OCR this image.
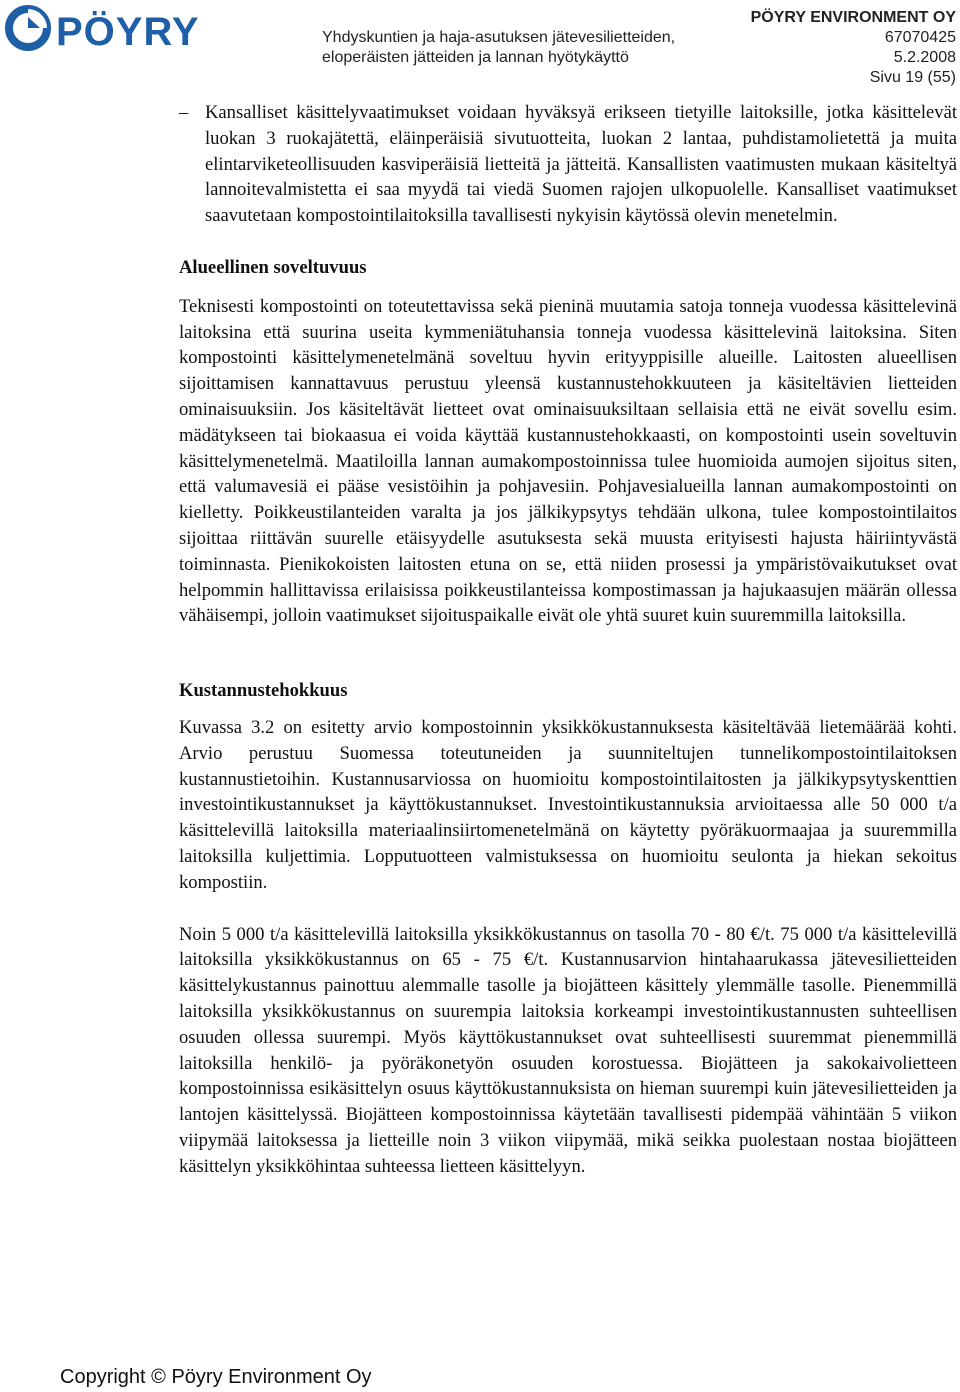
PÖYRY	Yhdyskuntien ja haja-asutuksen jätevesilietteiden,
eloperäisten jätteiden ja lannan hyötykäyttö
PÖYRY ENVIRONMENT OY
67070425
5.2.2008
Sivu 19 (55)
– Kansalliset käsittelyvaatimukset voidaan hyväksyä erikseen tietyille laitoksille, jotka käsittelevät luokan 3 ruokajätettä, eläinperäisiä sivutuotteita, luokan 2 lantaa, puhdistamolietettä ja muita elintarviketeollisuuden kasviperäisiä lietteitä ja jätteitä. Kansallisten vaatimusten mukaan käsiteltyä lannoitevalmistetta ei saa myydä tai viedä Suomen rajojen ulkopuolelle. Kansalliset vaatimukset saavutetaan kompostointilaitoksilla tavallisesti nykyisin käytössä olevin menetelmin.

Alueellinen soveltuvuus

Teknisesti kompostointi on toteutettavissa sekä pieninä muutamia satoja tonneja vuodessa käsittelevinä laitoksina että suurina useita kymmeniätuhansia tonneja vuodessa käsittelevinä laitoksina. Siten kompostointi käsittelymenetelmänä soveltuu hyvin erityyppisille alueille. Laitosten alueellisen sijoittamisen kannattavuus perustuu yleensä kustannustehokkuuteen ja käsiteltävien lietteiden ominaisuuksiin. Jos käsiteltävät lietteet ovat ominaisuuksiltaan sellaisia että ne eivät sovellu esim. mädätykseen tai biokaasua ei voida käyttää kustannustehokkaasti, on kompostointi usein soveltuvin käsittelymenetelmä. Maatiloilla lannan aumakompostoinnissa tulee huomioida aumojen sijoitus siten, että valumavesiä ei pääse vesistöihin ja pohjavesiin. Pohjavesialueilla lannan aumakompostointi on kielletty. Poikkeustilanteiden varalta ja jos jälkikypsytys tehdään ulkona, tulee kompostointilaitos sijoittaa riittävän suurelle etäisyydelle asutuksesta sekä muusta erityisesti hajusta häiriintyvästä toiminnasta. Pienikokoisten laitosten etuna on se, että niiden prosessi ja ympäristövaikutukset ovat helpommin hallittavissa erilaisissa poikkeustilanteissa kompostimassan ja hajukaasujen määrän ollessa vähäisempi, jolloin vaatimukset sijoituspaikalle eivät ole yhtä suuret kuin suuremmilla laitoksilla.

Kustannustehokkuus

Kuvassa 3.2 on esitetty arvio kompostoinnin yksikkökustannuksesta käsiteltävää lietemäärää kohti. Arvio perustuu Suomessa toteutuneiden ja suunniteltujen tunnelikompostointilaitoksen kustannustietoihin. Kustannusarviossa on huomioitu kompostointilaitosten ja jälkikypsytyskenttien investointikustannukset ja käyttökustannukset. Investointikustannuksia arvioitaessa alle 50 000 t/a käsittelevillä laitoksilla materiaalinsiirtomenetelmänä on käytetty pyöräkuormaajaa ja suuremmilla laitoksilla kuljettimia. Lopputuotteen valmistuksessa on huomioitu seulonta ja hiekan sekoitus kompostiin.

Noin 5 000 t/a käsittelevillä laitoksilla yksikkökustannus on tasolla 70 - 80 €/t. 75 000 t/a käsittelevillä laitoksilla yksikkökustannus on 65 - 75 €/t. Kustannusarvion hintahaarukassa jätevesilietteiden käsittelykustannus painottuu alemmalle tasolle ja biojätteen käsittely ylemmälle tasolle. Pienemmillä laitoksilla yksikkökustannus on suurempia laitoksia korkeampi investointikustannusten suhteellisen osuuden ollessa suurempi. Myös käyttökustannukset ovat suhteellisesti suuremmat pienemmillä laitoksilla henkilö- ja pyöräkonetyön osuuden korostuessa. Biojätteen ja sakokaivolietteen kompostoinnissa esikäsittelyn osuus käyttökustannuksista on hieman suurempi kuin jätevesilietteiden ja lantojen käsittelyssä. Biojätteen kompostoinnissa käytetään tavallisesti pidempää vähintään 5 viikon viipymää laitoksessa ja lietteille noin 3 viikon viipymää, mikä seikka puolestaan nostaa biojätteen käsittelyn yksikköhintaa suhteessa lietteen käsittelyyn.

Copyright © Pöyry Environment Oy
